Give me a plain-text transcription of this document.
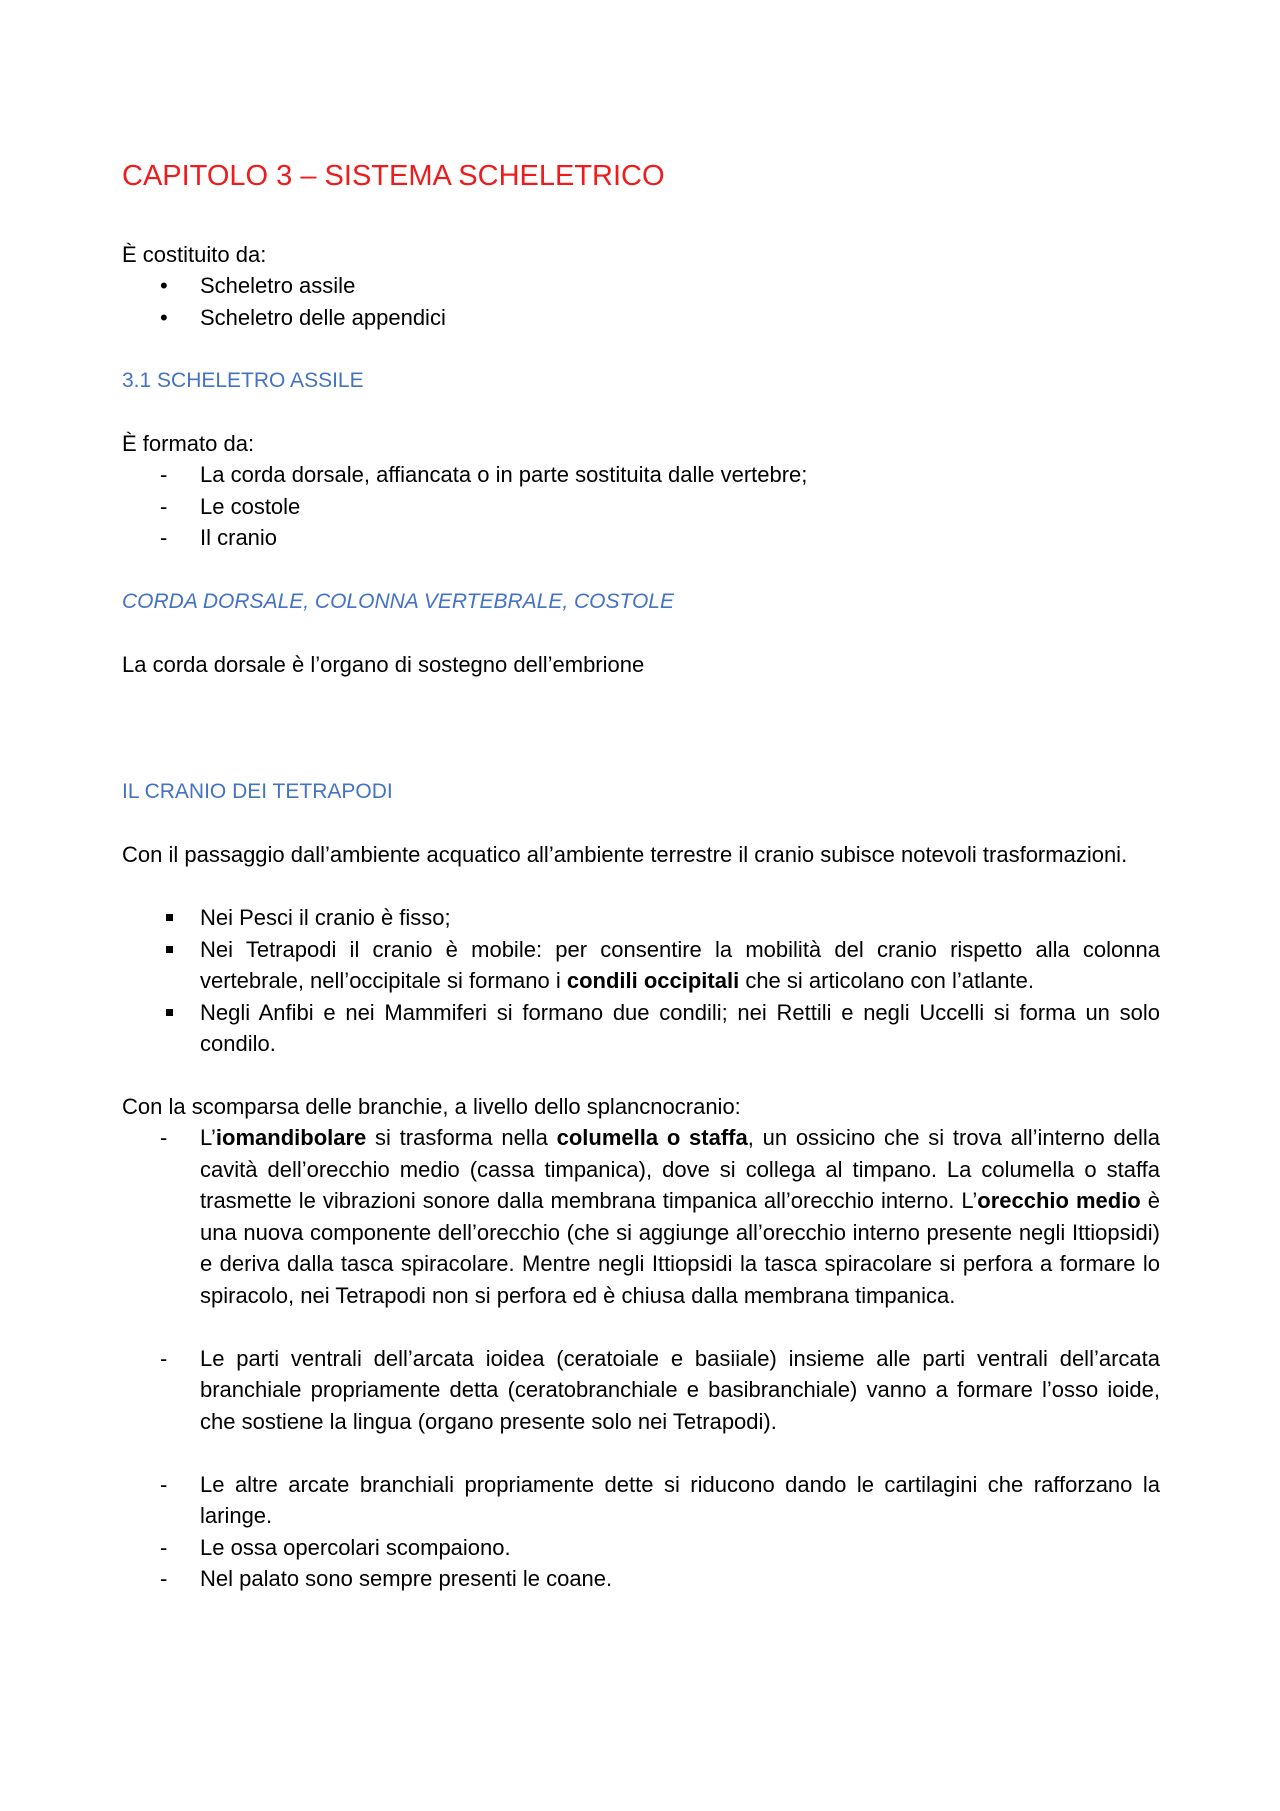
CAPITOLO 3 – SISTEMA SCHELETRICO
È costituito da:
•	Scheletro assile
•	Scheletro delle appendici
3.1 SCHELETRO ASSILE
È formato da:
-	La corda dorsale, affiancata o in parte sostituita dalle vertebre;
-	Le costole
-	Il cranio
CORDA DORSALE, COLONNA VERTEBRALE, COSTOLE
La corda dorsale è l’organo di sostegno dell’embrione
IL CRANIO DEI TETRAPODI
Con il passaggio dall’ambiente acquatico all’ambiente terrestre il cranio subisce notevoli trasformazioni.
Nei Pesci il cranio è fisso;
Nei Tetrapodi il cranio è mobile: per consentire la mobilità del cranio rispetto alla colonna vertebrale, nell’occipitale si formano i condili occipitali che si articolano con l’atlante.
Negli Anfibi e nei Mammiferi si formano due condili; nei Rettili e negli Uccelli si forma un solo condilo.
Con la scomparsa delle branchie, a livello dello splancnocranio:
-	L’iomandibolare si trasforma nella columella o staffa, un ossicino che si trova all’interno della cavità dell’orecchio medio (cassa timpanica), dove si collega al timpano. La columella o staffa trasmette le vibrazioni sonore dalla membrana timpanica all’orecchio interno. L’orecchio medio è una nuova componente dell’orecchio (che si aggiunge all’orecchio interno presente negli Ittiopsidi) e deriva dalla tasca spiracolare. Mentre negli Ittiopsidi la tasca spiracolare si perfora a formare lo spiracolo, nei Tetrapodi non si perfora ed è chiusa dalla membrana timpanica.
-	Le parti ventrali dell’arcata ioidea (ceratoiale e basiiale) insieme alle parti ventrali dell’arcata branchiale propriamente detta (ceratobranchiale e basibranchiale) vanno a formare l’osso ioide, che sostiene la lingua (organo presente solo nei Tetrapodi).
-	Le altre arcate branchiali propriamente dette si riducono dando le cartilagini che rafforzano la laringe.
-	Le ossa opercolari scompaiono.
-	Nel palato sono sempre presenti le coane.
